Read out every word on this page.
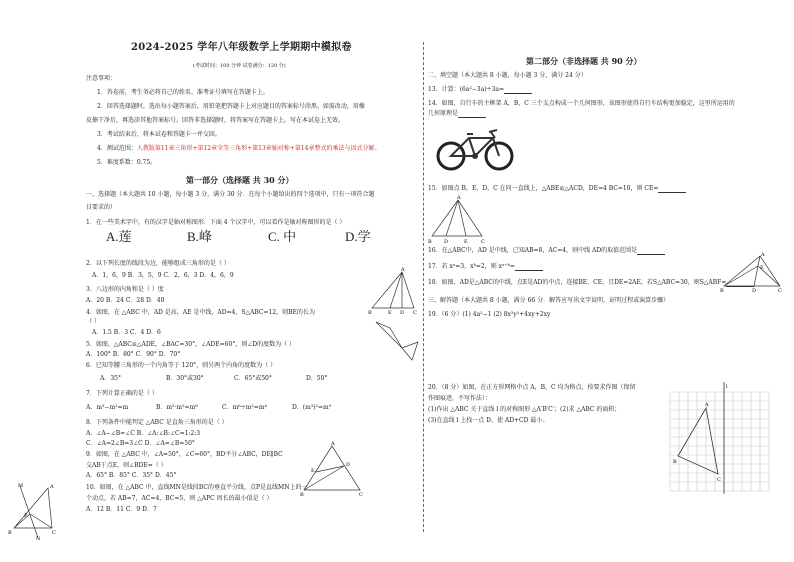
2024-2025 学年八年级数学上学期期中模拟卷
(考试时间：100 分钟 试卷满分：120 分)
注意事项：
1．答卷前，考生务必将自己的姓名、准考证号填写在答题卡上。
2．回答选择题时，选出每小题答案后，用铅笔把答题卡上对应题目的答案标号涂黑。如需改动，用橡
皮擦干净后，再选涂其他答案标号。回答非选择题时，将答案写在答题卡上。写在本试卷上无效。
3．考试结束后，将本试卷和答题卡一并交回。
4．测试范围：人教版第11章三角形+第12章全等三角形+第13章轴对称+第14章整式的乘法与因式分解。
5．难度系数：0.75。
第一部分（选择题 共 30 分）
一、选择题（本大题共 10 小题，每小题 3 分，满分 30 分．在每个小题给出的四个选项中，只有一项符合题
目要求的）
1．在一些美术字中，有的汉字是轴对称图形．下面 4 个汉字中，可以看作是轴对称图形的是（ ）
A.莲	B.峰	C. 中	D.学
2．以下列长度的线段为边，能够组成三角形的是（ ）
A．1，6，9 B．3，5，9 C．2，6，3 D．4，6，9
3．八边形的内角和是（ ）度
A．20 B．24 C．28 D．40
4．如图，在 △ABC 中，AD 是高，AE 是中线，AD=4，S△ABC=12，则BE的长为
（ ）
A．1.5 B．3 C．4 D．6
5．如图，△ABC≌△ADE，∠BAC=30°，∠ADE=60°，则∠D的度数为（ ）
A．100° B．80° C．90° D．70°
6．已知等腰三角形的一个内角等于 120°，则另两个内角的度数为（ ）
A．35°	B．30°或30°	C．65°或50°	D．50°
7．下列计算正确的是（ ）
A．m³−m²=m	B．m⁵·m²=m⁸	C．m⁶÷m²=m⁴	D．(m³)²=m⁹
8．下列条件中能判定 △ABC 是直角三角形的是（ ）
A．∠A−∠B=∠C B．∠A:∠B:∠C=1:2:3
C．∠A=2∠B=3∠C D．∠A=∠B=50°
9．如图，在 △ABC 中，∠A=50°，∠C=60°，BD平分∠ABC，DE∥BC
交AB于点E，则∠BDE=（ ）
A．65° B．85° C．35° D．45°
10．如图，在 △ABC 中，直线MN是线段BC的垂直平分线，点P是直线MN上的一
个动点，若 AB=7，AC=4，BC=5，则 △APC 周长的最小值是（ ）
A．12 B．11 C．9 D．7
A
B	E D C
A
E
D
B	C
M	A
P
B	C
N
第二部分（非选择题 共 90 分）
二、填空题（本大题共 8 小题，每小题 3 分，满分 24 分）
13．计算：(6a²−3a)÷3a=
14．如图，自行车的主框架 A，B，C 三个支点构成一个几何图形，该图形使得自行车结构更加稳定，这里所运用的
几何原理是
15．如图点 B，E，D，C 在同一直线上，△ABE≌△ACD，DE=4 BC=10，则 CE=
A
B D	E	C
16．在△ABC中，AD 是中线，已知AB=8，AC=4，则中线 AD的取值范围是
17．若 xᵃ=3，xᵇ=2，则 xᵃ⁺ᵇ=
18．如图，AD是△ABC的中线，点E是AD的中点，连接BE、CE，且DE=2AE，若S△ABC=30，则S△ABF=
A
E
B	D	C
三、解答题（本大题共 8 小题，满分 66 分．解答应写出文字说明，证明过程或演算步骤）
19．（6 分）(1) 4a²−1 (2) 8x²y²+4xy+2xy
20．（8 分）如图，在正方形网格中点 A，B，C 均为格点，按要求作图（保留
作图痕迹，不写作法）：
(1)作出 △ABC 关于直线 l 的对称图形 △A′B′C′；(2)求 △ABC 的面积；
(3)在直线 l 上找一点 D，使 AD+CD 最小。
l
A
B
C
